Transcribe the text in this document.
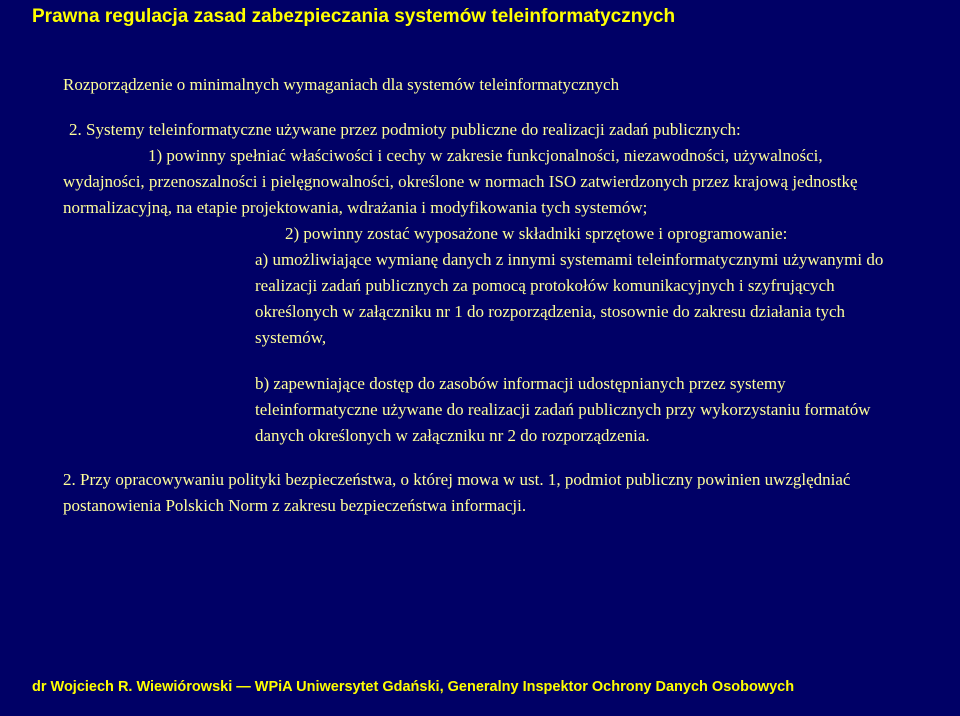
Prawna regulacja zasad zabezpieczania systemów teleinformatycznych

Rozporządzenie o minimalnych wymaganiach dla systemów teleinformatycznych

2. Systemy teleinformatyczne używane przez podmioty publiczne do realizacji zadań publicznych:

1) powinny spełniać właściwości i cechy w zakresie funkcjonalności, niezawodności, używalności, wydajności, przenoszalności i pielęgnowalności, określone w normach ISO zatwierdzonych przez krajową jednostkę normalizacyjną, na etapie projektowania, wdrażania i modyfikowania tych systemów;

2) powinny zostać wyposażone w składniki sprzętowe i oprogramowanie:

a) umożliwiające wymianę danych z innymi systemami teleinformatycznymi używanymi do realizacji zadań publicznych za pomocą protokołów komunikacyjnych i szyfrujących określonych w załączniku nr 1 do rozporządzenia, stosownie do zakresu działania tych systemów,

b) zapewniające dostęp do zasobów informacji udostępnianych przez systemy teleinformatyczne używane do realizacji zadań publicznych przy wykorzystaniu formatów danych określonych w załączniku nr 2 do rozporządzenia.

2. Przy opracowywaniu polityki bezpieczeństwa, o której mowa w ust. 1, podmiot publiczny powinien uwzględniać postanowienia Polskich Norm z zakresu bezpieczeństwa informacji.

dr Wojciech R. Wiewiórowski — WPiA Uniwersytet Gdański, Generalny Inspektor Ochrony Danych Osobowych
